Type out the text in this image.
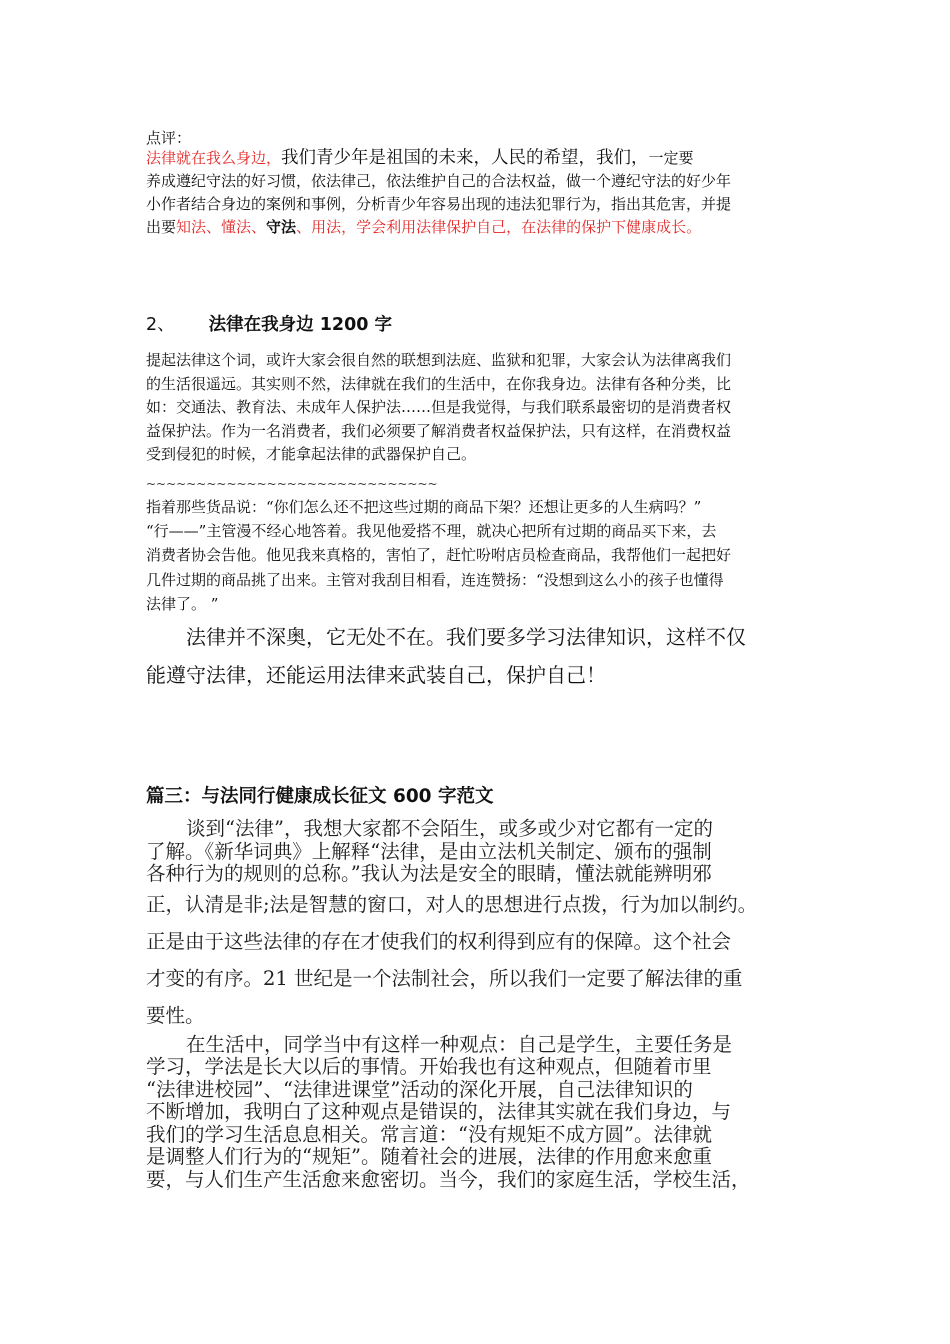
点评：

法律就在我么身边，我们青少年是祖国的未来，人民的希望，我们，一定要

养成遵纪守法的好习惯，依法律己，依法维护自己的合法权益，做一个遵纪守法的好少年

小作者结合身边的案例和事例，分析青少年容易出现的违法犯罪行为，指出其危害，并提

出要知法、懂法、守法、用法，学会利用法律保护自己，在法律的保护下健康成长。

2、 法律在我身边 1200 字

提起法律这个词，或许大家会很自然的联想到法庭、监狱和犯罪，大家会认为法律离我们

的生活很遥远。其实则不然，法律就在我们的生活中，在你我身边。法律有各种分类，比

如：交通法、教育法、未成年人保护法……但是我觉得，与我们联系最密切的是消费者权

益保护法。作为一名消费者，我们必须要了解消费者权益保护法，只有这样，在消费权益

受到侵犯的时候，才能拿起法律的武器保护自己。

~~~~~~~~~~~~~~~~~~~~~~~~~~~~~

指着那些货品说：“你们怎么还不把这些过期的商品下架？还想让更多的人生病吗？”

“行——”主管漫不经心地答着。我见他爱搭不理，就决心把所有过期的商品买下来，去

消费者协会告他。他见我来真格的，害怕了，赶忙吩咐店员检查商品，我帮他们一起把好

几件过期的商品挑了出来。主管对我刮目相看，连连赞扬：“没想到这么小的孩子也懂得

法律了。 ”

法律并不深奥，它无处不在。我们要多学习法律知识，这样不仅

能遵守法律，还能运用法律来武装自己，保护自己！

篇三：与法同行健康成长征文 600 字范文

谈到“法律”，我想大家都不会陌生，或多或少对它都有一定的

了解。《新华词典》上解释“法律，是由立法机关制定、颁布的强制

各种行为的规则的总称。”我认为法是安全的眼睛，懂法就能辨明邪

正，认清是非;法是智慧的窗口，对人的思想进行点拨，行为加以制约。

正是由于这些法律的存在才使我们的权利得到应有的保障。这个社会

才变的有序。21 世纪是一个法制社会，所以我们一定要了解法律的重

要性。

在生活中，同学当中有这样一种观点：自己是学生，主要任务是

学习，学法是长大以后的事情。开始我也有这种观点，但随着市里

“法律进校园”、“法律进课堂”活动的深化开展，自己法律知识的

不断增加，我明白了这种观点是错误的，法律其实就在我们身边，与

我们的学习生活息息相关。常言道：“没有规矩不成方圆”。法律就

是调整人们行为的“规矩”。随着社会的进展，法律的作用愈来愈重

要，与人们生产生活愈来愈密切。当今，我们的家庭生活，学校生活，
